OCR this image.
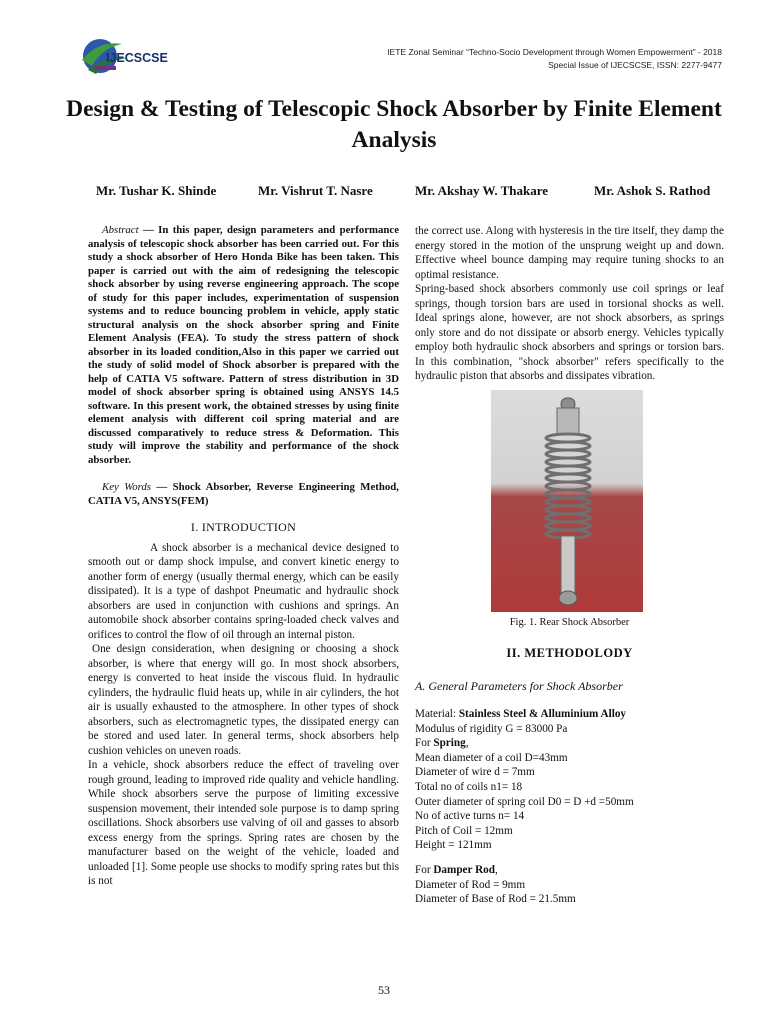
IJECSCSE	IETE Zonal Seminar “Techno-Socio Development through Women Empowerment” - 2018
Special Issue of IJECSCSE, ISSN: 2277-9477
Design & Testing of Telescopic Shock Absorber by Finite Element Analysis
Mr. Tushar K. Shinde	Mr. Vishrut T. Nasre	Mr. Akshay W. Thakare	Mr. Ashok S. Rathod

Abstract — In this paper, design parameters and performance analysis of telescopic shock absorber has been carried out. For this study a shock absorber of Hero Honda Bike has been taken. This paper is carried out with the aim of redesigning the telescopic shock absorber by using reverse engineering approach. The scope of study for this paper includes, experimentation of suspension systems and to reduce bouncing problem in vehicle, apply static structural analysis on the shock absorber spring and Finite Element Analysis (FEA). To study the stress pattern of shock absorber in its loaded condition,Also in this paper we carried out the study of solid model of Shock absorber is prepared with the help of CATIA V5 software. Pattern of stress distribution in 3D model of shock absorber spring is obtained using ANSYS 14.5 software. In this present work, the obtained stresses by using finite element analysis with different coil spring material and are discussed comparatively to reduce stress & Deformation. This study will improve the stability and performance of the shock absorber.

Key Words — Shock Absorber, Reverse Engineering Method, CATIA V5, ANSYS(FEM)

I. INTRODUCTION

A shock absorber is a mechanical device designed to smooth out or damp shock impulse, and convert kinetic energy to another form of energy (usually thermal energy, which can be easily dissipated). It is a type of dashpot Pneumatic and hydraulic shock absorbers are used in conjunction with cushions and springs. An automobile shock absorber contains spring-loaded check valves and orifices to control the flow of oil through an internal piston.

One design consideration, when designing or choosing a shock absorber, is where that energy will go. In most shock absorbers, energy is converted to heat inside the viscous fluid. In hydraulic cylinders, the hydraulic fluid heats up, while in air cylinders, the hot air is usually exhausted to the atmosphere. In other types of shock absorbers, such as electromagnetic types, the dissipated energy can be stored and used later. In general terms, shock absorbers help cushion vehicles on uneven roads.

In a vehicle, shock absorbers reduce the effect of traveling over rough ground, leading to improved ride quality and vehicle handling. While shock absorbers serve the purpose of limiting excessive suspension movement, their intended sole purpose is to damp spring oscillations. Shock absorbers use valving of oil and gasses to absorb excess energy from the springs. Spring rates are chosen by the manufacturer based on the weight of the vehicle, loaded and unloaded [1]. Some people use shocks to modify spring rates but this is not

the correct use. Along with hysteresis in the tire itself, they damp the energy stored in the motion of the unsprung weight up and down. Effective wheel bounce damping may require tuning shocks to an optimal resistance.

Spring-based shock absorbers commonly use coil springs or leaf springs, though torsion bars are used in torsional shocks as well. Ideal springs alone, however, are not shock absorbers, as springs only store and do not dissipate or absorb energy. Vehicles typically employ both hydraulic shock absorbers and springs or torsion bars. In this combination, "shock absorber" refers specifically to the hydraulic piston that absorbs and dissipates vibration.

Fig. 1. Rear Shock Absorber

II. METHODOLODY

A. General Parameters for Shock Absorber

Material: Stainless Steel & Alluminium Alloy

Modulus of rigidity G = 83000 Pa

For Spring,

Mean diameter of a coil D=43mm

Diameter of wire d = 7mm

Total no of coils n1= 18

Outer diameter of spring coil D0 = D +d =50mm

No of active turns n= 14

Pitch of Coil = 12mm

Height = 121mm

For Damper Rod,

Diameter of Rod = 9mm

Diameter of Base of Rod = 21.5mm

53
